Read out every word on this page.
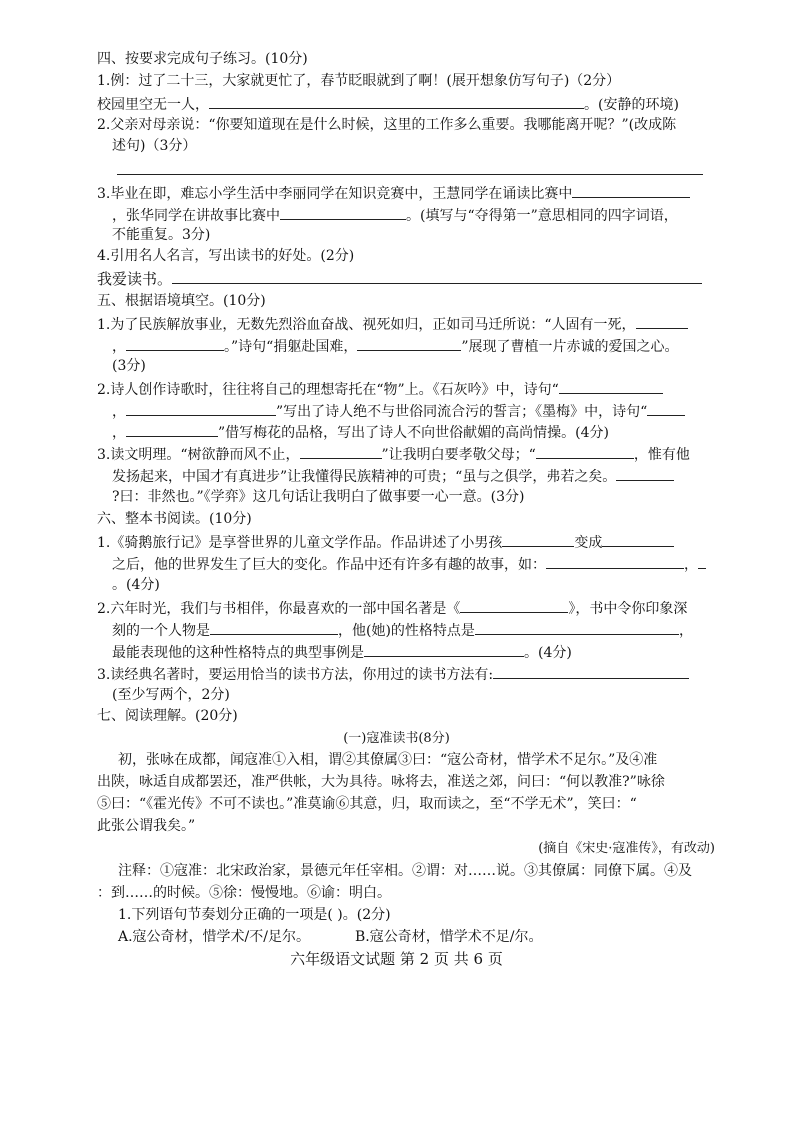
四、按要求完成句子练习。(10分)
1.例：过了二十三，大家就更忙了，春节眨眼就到了啊！(展开想象仿写句子)（2分）
校园里空无一人，	。(安静的环境)
2.父亲对母亲说：“你要知道现在是什么时候，这里的工作多么重要。我哪能离开呢？”(改成陈
述句)（3分）
3.毕业在即，难忘小学生活中李丽同学在知识竞赛中，王慧同学在诵读比赛中
，张华同学在讲故事比赛中	。(填写与“夺得第一”意思相同的四字词语，
不能重复。3分)
4.引用名人名言，写出读书的好处。(2分)
我爱读书。
五、根据语境填空。(10分)
1.为了民族解放事业，无数先烈浴血奋战、视死如归，正如司马迁所说：“人固有一死，
，	。”诗句“捐躯赴国难，	”展现了曹植一片赤诚的爱国之心。
(3分)
2.诗人创作诗歌时，往往将自己的理想寄托在“物”上。《石灰吟》中，诗句“
，	”写出了诗人绝不与世俗同流合污的誓言；《墨梅》中，诗句“
，	”借写梅花的品格，写出了诗人不向世俗献媚的高尚情操。(4分)
3.读文明理。“树欲静而风不止，	”让我明白要孝敬父母；“	，惟有他
发扬起来，中国才有真进步”让我懂得民族精神的可贵；“虽与之俱学，弗若之矣。
?曰：非然也。”《学弈》这几句话让我明白了做事要一心一意。(3分)
六、整本书阅读。(10分)
1.《骑鹅旅行记》是享誉世界的儿童文学作品。作品讲述了小男孩	变成
之后，他的世界发生了巨大的变化。作品中还有许多有趣的故事，如：	，
。(4分)
2.六年时光，我们与书相伴，你最喜欢的一部中国名著是《	》，书中令你印象深
刻的一个人物是	，他(她)的性格特点是	，
最能表现他的这种性格特点的典型事例是	。(4分)
3.读经典名著时，要运用恰当的读书方法，你用过的读书方法有:
(至少写两个，2分)
七、阅读理解。(20分)
(一)寇准读书(8分)
初，张咏在成都，闻寇准①入相，谓②其僚属③曰：“寇公奇材，惜学术不足尔。”及④准
出陕，咏适自成都罢还，准严供帐，大为具待。咏将去，准送之郊，问曰：“何以教准?”咏徐
⑤曰：“《霍光传》不可不读也。”准莫谕⑥其意，归，取而读之，至“不学无术”，笑曰：“
此张公谓我矣。”
(摘自《宋史·寇准传》，有改动)
注释：①寇准：北宋政治家，景德元年任宰相。②谓：对……说。③其僚属：同僚下属。④及
：到……的时候。⑤徐：慢慢地。⑥谕：明白。
1.下列语句节奏划分正确的一项是( )。(2分)
A.寇公奇材，惜学术/不/足尔。	B.寇公奇材，惜学术不足/尔。
六年级语文试题 第 2 页 共 6 页
